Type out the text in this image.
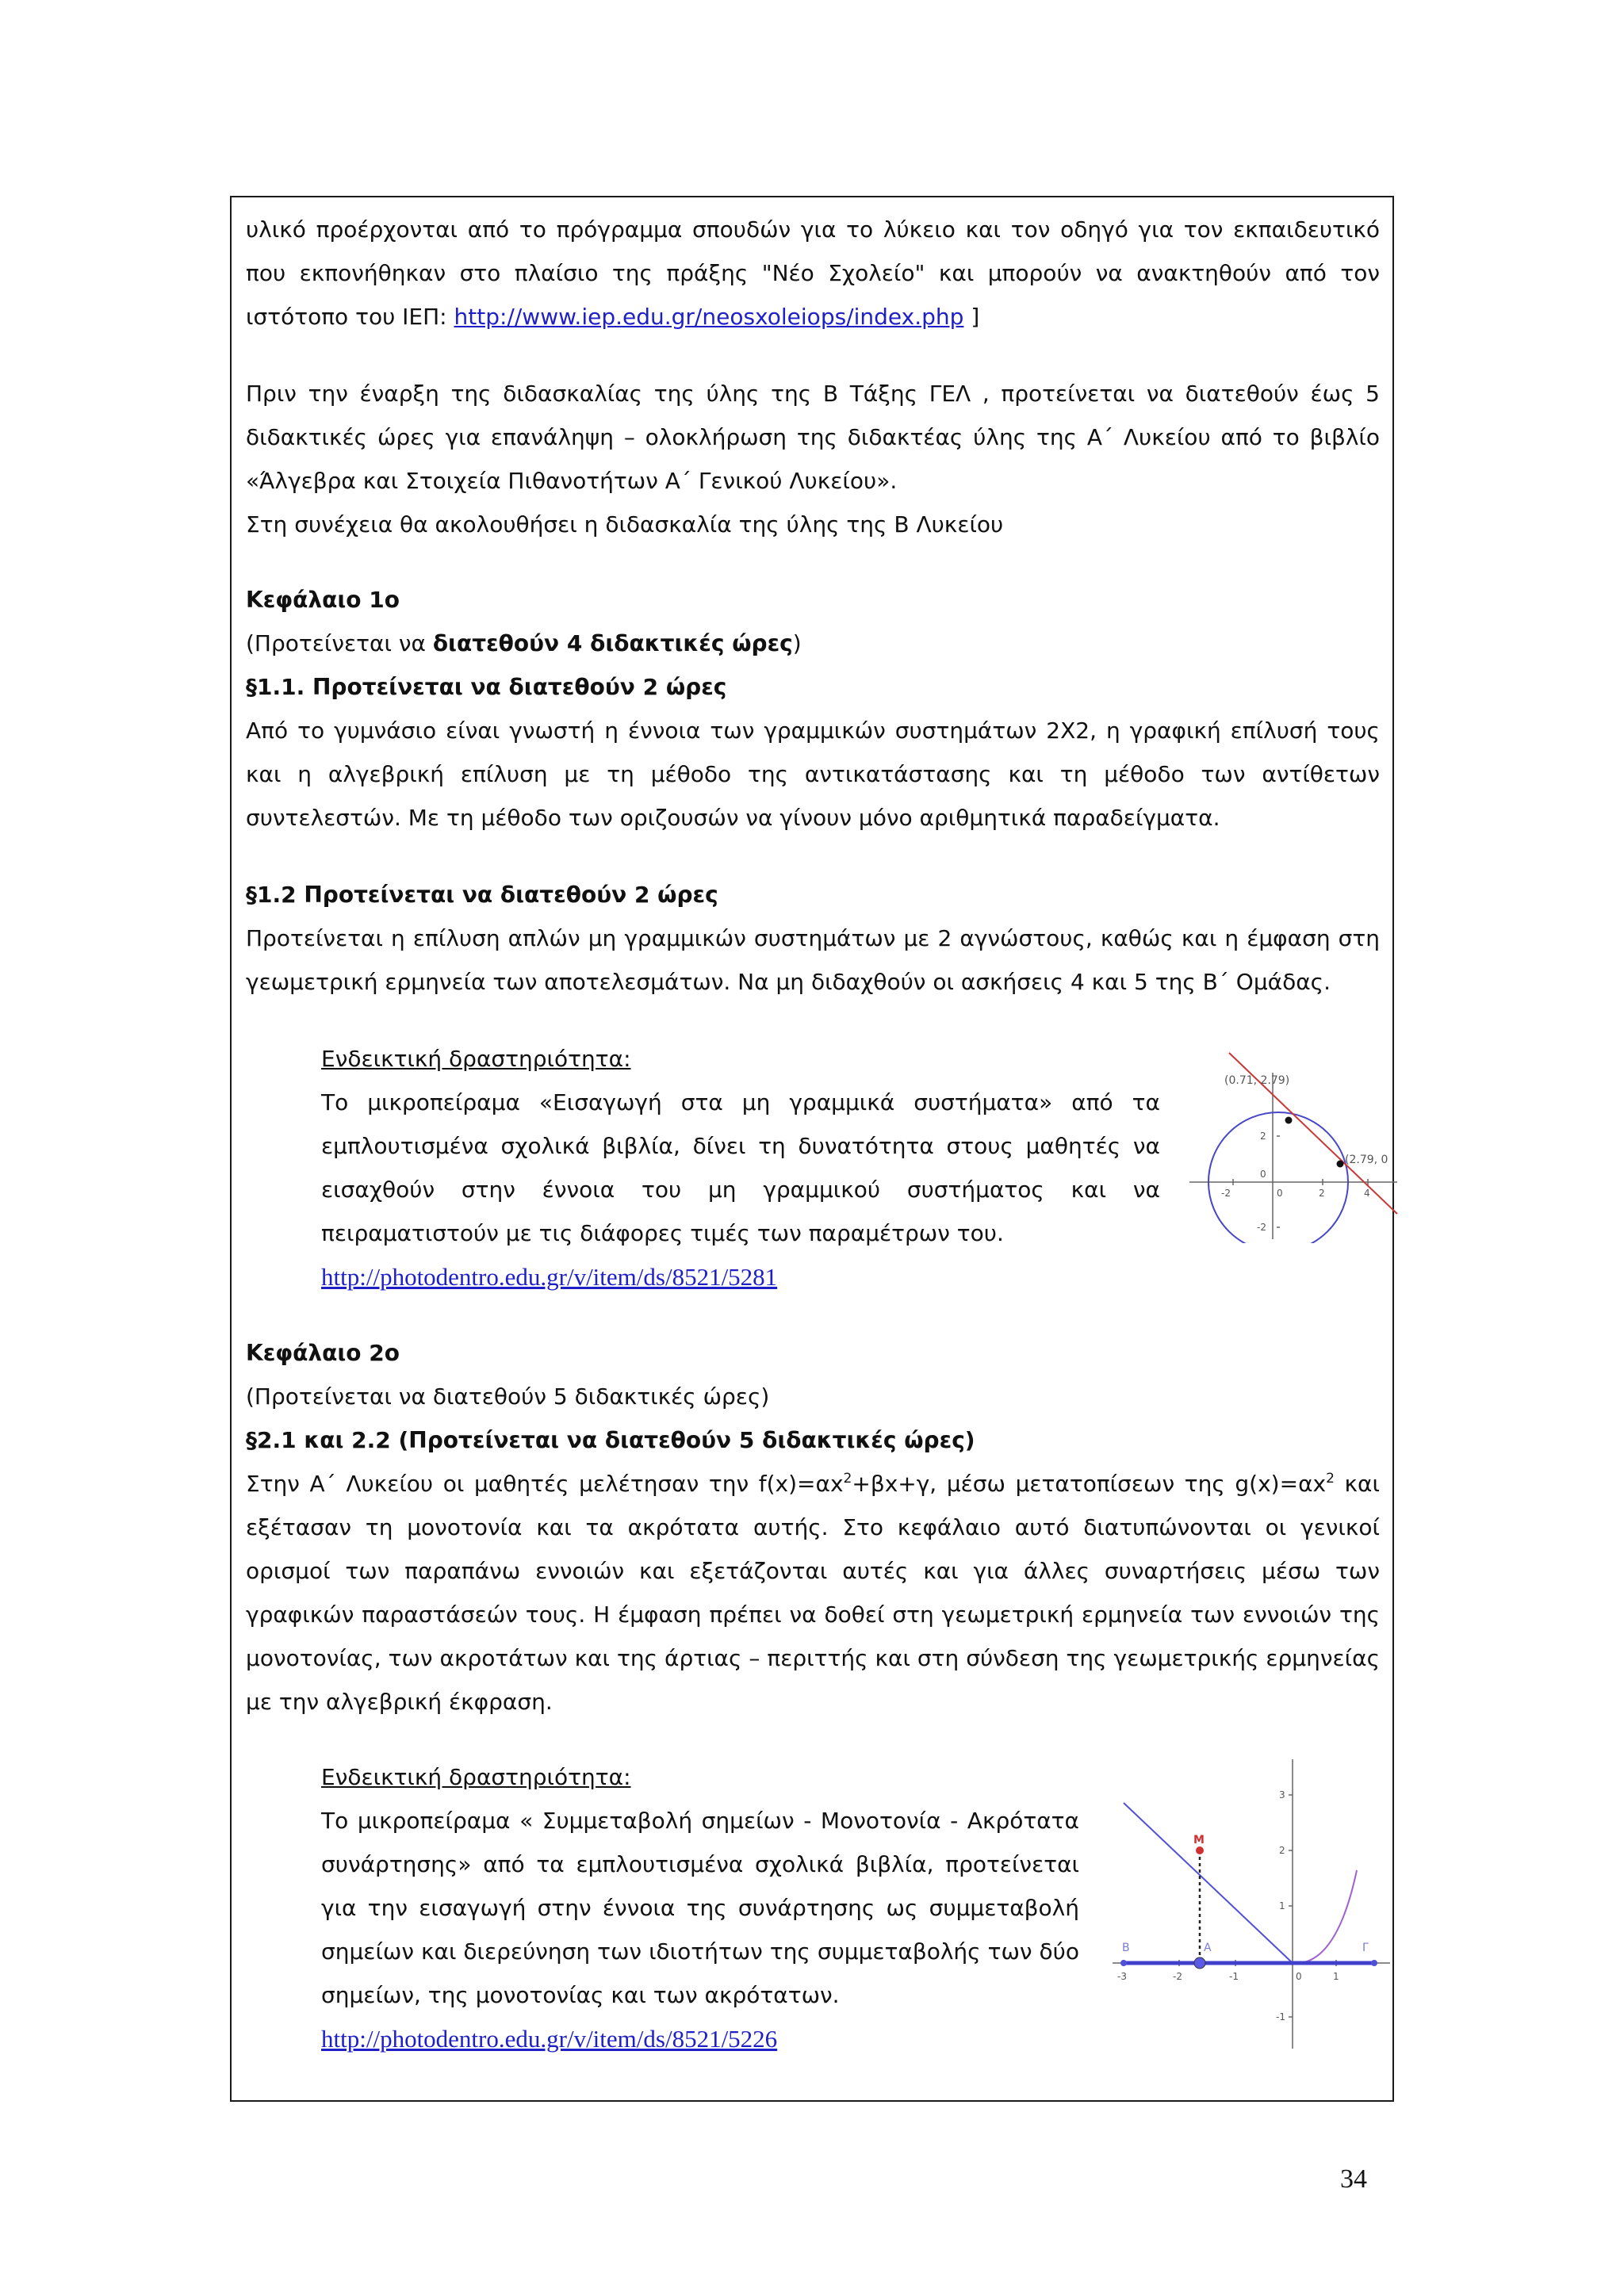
υλικό προέρχονται από το πρόγραμμα σπουδών για το λύκειο και τον οδηγό για τον εκπαιδευτικό που εκπονήθηκαν στο πλαίσιο της πράξης "Νέο Σχολείο" και μπορούν να ανακτηθούν από τον ιστότοπο του ΙΕΠ: http://www.iep.edu.gr/neosxoleiops/index.php ]

Πριν την έναρξη της διδασκαλίας της ύλης της Β Τάξης ΓΕΛ , προτείνεται να διατεθούν έως 5 διδακτικές ώρες για επανάληψη – ολοκλήρωση της διδακτέας ύλης της Α΄ Λυκείου από το βιβλίο «Άλγεβρα και Στοιχεία Πιθανοτήτων Α΄ Γενικού Λυκείου».

Στη συνέχεια θα ακολουθήσει η διδασκαλία της ύλης της Β Λυκείου

Κεφάλαιο 1ο

(Προτείνεται να διατεθούν 4 διδακτικές ώρες)

§1.1. Προτείνεται να διατεθούν 2 ώρες

Από το γυμνάσιο είναι γνωστή η έννοια των γραμμικών συστημάτων 2Χ2, η γραφική επίλυσή τους και η αλγεβρική επίλυση με τη μέθοδο της αντικατάστασης και τη μέθοδο των αντίθετων συντελεστών. Με τη μέθοδο των οριζουσών να γίνουν μόνο αριθμητικά παραδείγματα.

§1.2 Προτείνεται να διατεθούν 2 ώρες

Προτείνεται η επίλυση απλών μη γραμμικών συστημάτων με 2 αγνώστους, καθώς και η έμφαση στη γεωμετρική ερμηνεία των αποτελεσμάτων. Να μη διδαχθούν οι ασκήσεις 4 και 5 της Β΄ Ομάδας.

Ενδεικτική δραστηριότητα:

Το μικροπείραμα «Εισαγωγή στα μη γραμμικά συστήματα» από τα εμπλουτισμένα σχολικά βιβλία, δίνει τη δυνατότητα στους μαθητές να εισαχθούν στην έννοια του μη γραμμικού συστήματος και να πειραματιστούν με τις διάφορες τιμές των παραμέτρων του.

http://photodentro.edu.gr/v/item/ds/8521/5281

(0.71, 2.79)
(2.79, 0
-2	0	2	4
2
0
-2

Κεφάλαιο 2ο

(Προτείνεται να διατεθούν 5 διδακτικές ώρες)

§2.1 και 2.2 (Προτείνεται να διατεθούν 5 διδακτικές ώρες)

Στην Α΄ Λυκείου οι μαθητές μελέτησαν την $f(x)=\alpha x^2+\beta x+\gamma$, μέσω μετατοπίσεων της $g(x)=\alpha x^2$ και εξέτασαν τη μονοτονία και τα ακρότατα αυτής. Στο κεφάλαιο αυτό διατυπώνονται οι γενικοί ορισμοί των παραπάνω εννοιών και εξετάζονται αυτές και για άλλες συναρτήσεις μέσω των γραφικών παραστάσεών τους. Η έμφαση πρέπει να δοθεί στη γεωμετρική ερμηνεία των εννοιών της μονοτονίας, των ακροτάτων και της άρτιας – περιττής και στη σύνδεση της γεωμετρικής ερμηνείας με την αλγεβρική έκφραση.

Ενδεικτική δραστηριότητα:

Το μικροπείραμα « Συμμεταβολή σημείων - Μονοτονία - Ακρότατα συνάρτησης» από τα εμπλουτισμένα σχολικά βιβλία, προτείνεται για την εισαγωγή στην έννοια της συνάρτησης ως συμμεταβολή σημείων και διερεύνηση των ιδιοτήτων της συμμεταβολής των δύο σημείων, της μονοτονίας και των ακρότατων.

http://photodentro.edu.gr/v/item/ds/8521/5226

M
B	A	Γ
-3	-2	-1	0	1
3
2
1
-1
34
